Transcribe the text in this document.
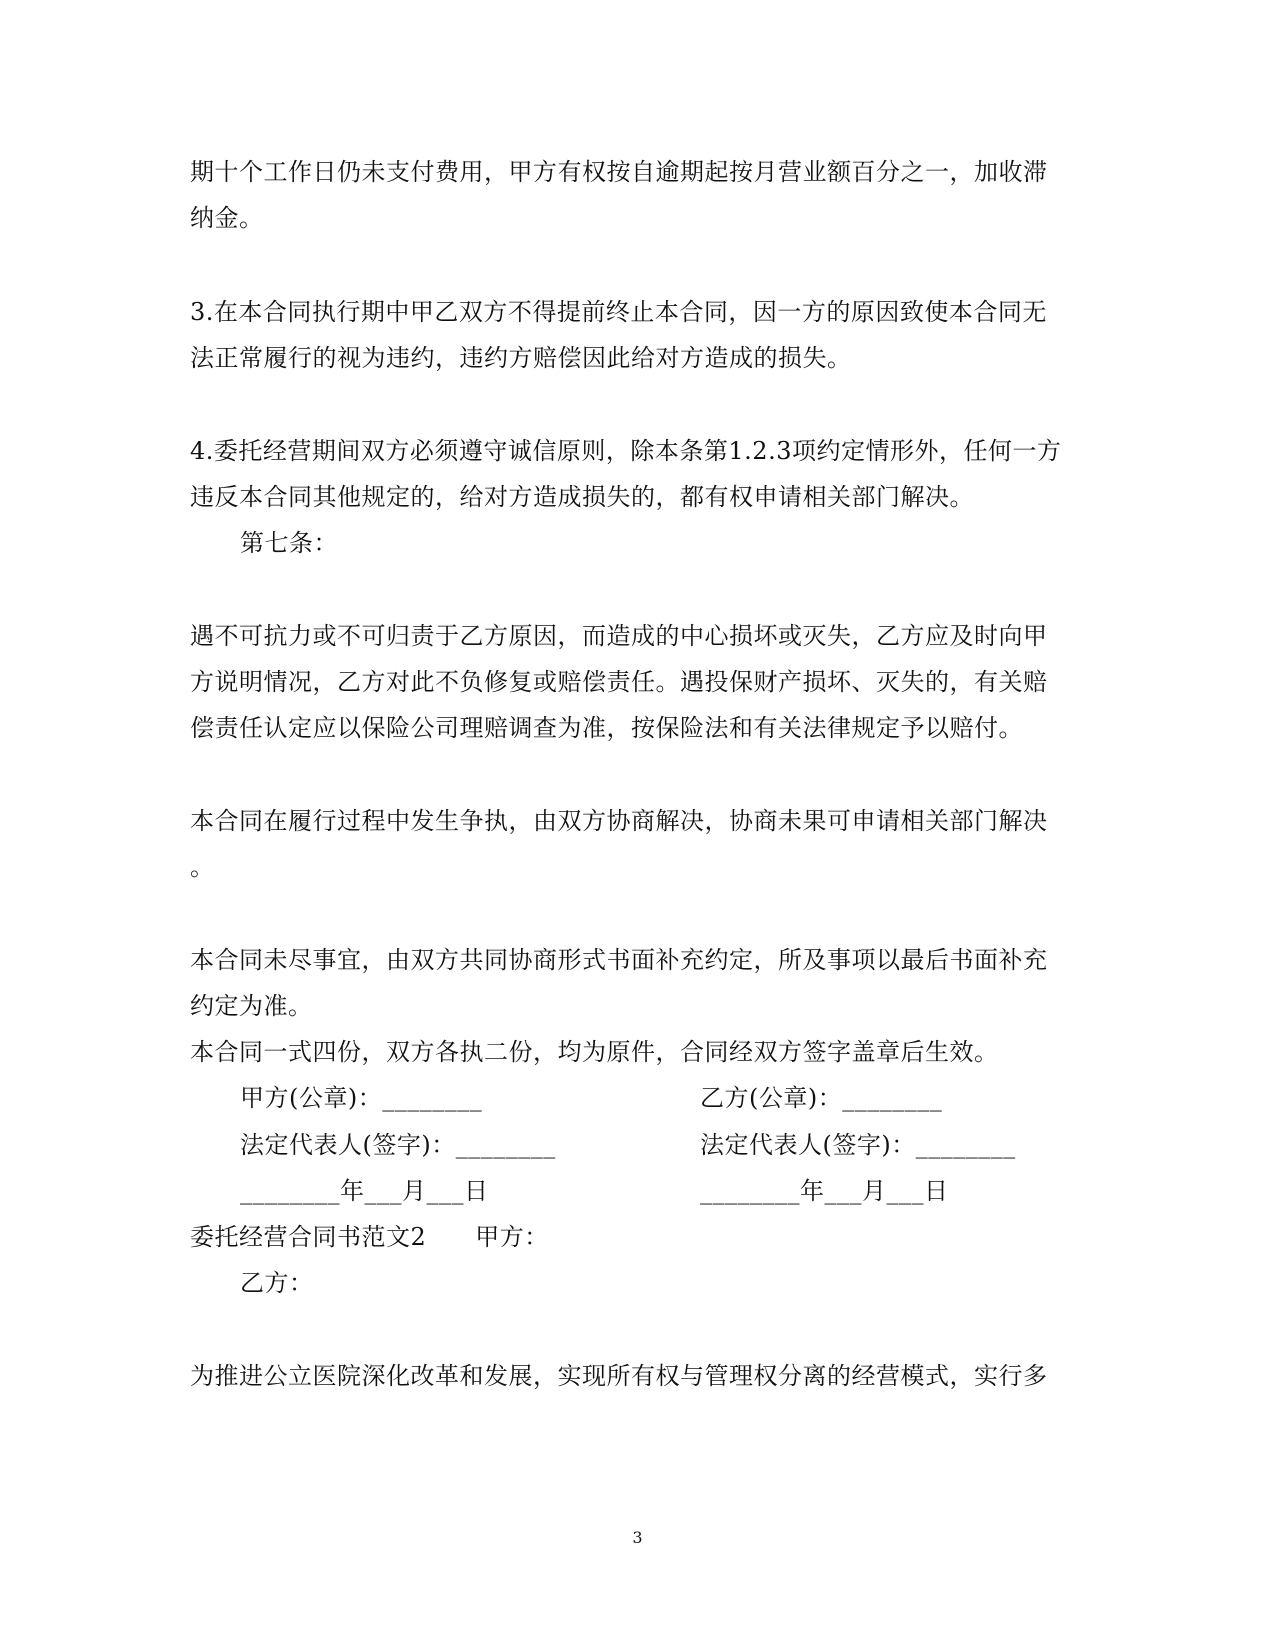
期十个工作日仍未支付费用，甲方有权按自逾期起按月营业额百分之一，加收滞
纳金。
3.在本合同执行期中甲乙双方不得提前终止本合同，因一方的原因致使本合同无
法正常履行的视为违约，违约方赔偿因此给对方造成的损失。
4.委托经营期间双方必须遵守诚信原则，除本条第1.2.3项约定情形外，任何一方
违反本合同其他规定的，给对方造成损失的，都有权申请相关部门解决。
第七条：
遇不可抗力或不可归责于乙方原因，而造成的中心损坏或灭失，乙方应及时向甲
方说明情况，乙方对此不负修复或赔偿责任。遇投保财产损坏、灭失的，有关赔
偿责任认定应以保险公司理赔调查为准，按保险法和有关法律规定予以赔付。
本合同在履行过程中发生争执，由双方协商解决，协商未果可申请相关部门解决
。
本合同未尽事宜，由双方共同协商形式书面补充约定，所及事项以最后书面补充
约定为准。
本合同一式四份，双方各执二份，均为原件，合同经双方签字盖章后生效。
甲方(公章)：________	乙方(公章)：________
法定代表人(签字)：________	法定代表人(签字)：________
________年___月___日	________年___月___日
委托经营合同书范文2　　甲方：
乙方：
为推进公立医院深化改革和发展，实现所有权与管理权分离的经营模式，实行多
3
